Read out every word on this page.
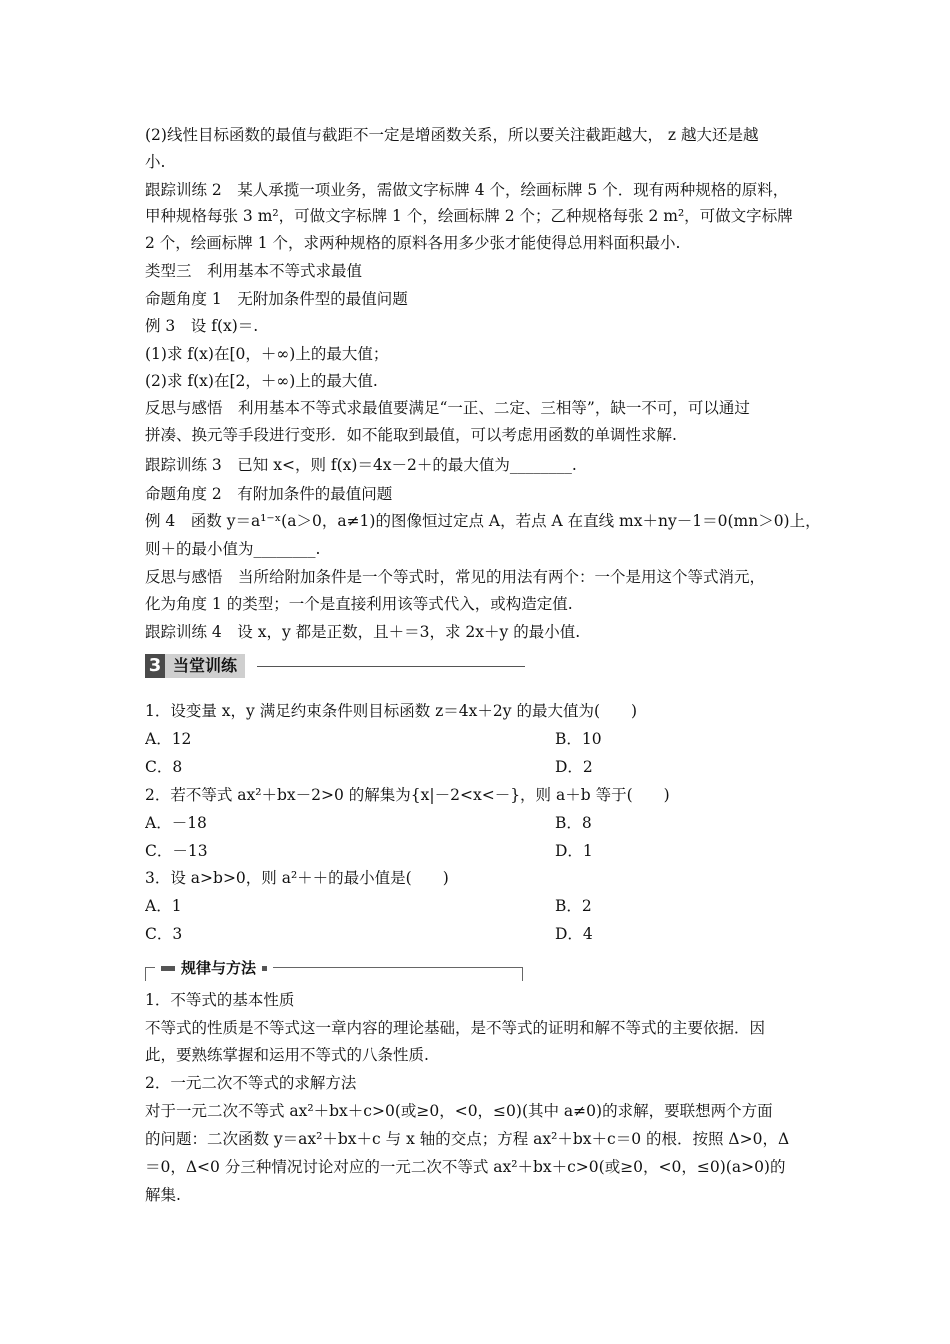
(2)线性目标函数的最值与截距不一定是增函数关系，所以要关注截距越大， z 越大还是越
小.
跟踪训练 2　某人承揽一项业务，需做文字标牌 4 个，绘画标牌 5 个．现有两种规格的原料，
甲种规格每张 3 m²，可做文字标牌 1 个，绘画标牌 2 个；乙种规格每张 2 m²，可做文字标牌
2 个，绘画标牌 1 个，求两种规格的原料各用多少张才能使得总用料面积最小.
类型三　利用基本不等式求最值
命题角度 1　无附加条件型的最值问题
例 3　设 f(x)＝.
(1)求 f(x)在[0，＋∞)上的最大值；
(2)求 f(x)在[2，＋∞)上的最大值.
反思与感悟　利用基本不等式求最值要满足“一正、二定、三相等”，缺一不可，可以通过
拼凑、换元等手段进行变形．如不能取到最值，可以考虑用函数的单调性求解.
跟踪训练 3　已知 x<，则 f(x)＝4x－2＋的最大值为________.
命题角度 2　有附加条件的最值问题
例 4　函数 y＝a¹⁻ˣ(a＞0，a≠1)的图像恒过定点 A，若点 A 在直线 mx＋ny－1＝0(mn＞0)上，
则＋的最小值为________.
反思与感悟　当所给附加条件是一个等式时，常见的用法有两个：一个是用这个等式消元，
化为角度 1 的类型；一个是直接利用该等式代入，或构造定值.
跟踪训练 4　设 x，y 都是正数，且＋＝3，求 2x＋y 的最小值.
3 当堂训练
1．设变量 x，y 满足约束条件则目标函数 z＝4x＋2y 的最大值为(　　)
A．12	B．10
C．8	D．2
2．若不等式 ax²＋bx－2>0 的解集为{x|－2<x<－}，则 a＋b 等于(　　)
A．－18	B．8
C．－13	D．1
3．设 a>b>0，则 a²＋＋的最小值是(　　)
A．1	B．2
C．3	D．4
规律与方法
1．不等式的基本性质
不等式的性质是不等式这一章内容的理论基础，是不等式的证明和解不等式的主要依据．因
此，要熟练掌握和运用不等式的八条性质.
2．一元二次不等式的求解方法
对于一元二次不等式 ax²＋bx＋c>0(或≥0，<0，≤0)(其中 a≠0)的求解，要联想两个方面
的问题：二次函数 y＝ax²＋bx＋c 与 x 轴的交点；方程 ax²＋bx＋c＝0 的根．按照 Δ>0，Δ
＝0，Δ<0 分三种情况讨论对应的一元二次不等式 ax²＋bx＋c>0(或≥0，<0，≤0)(a>0)的
解集.
